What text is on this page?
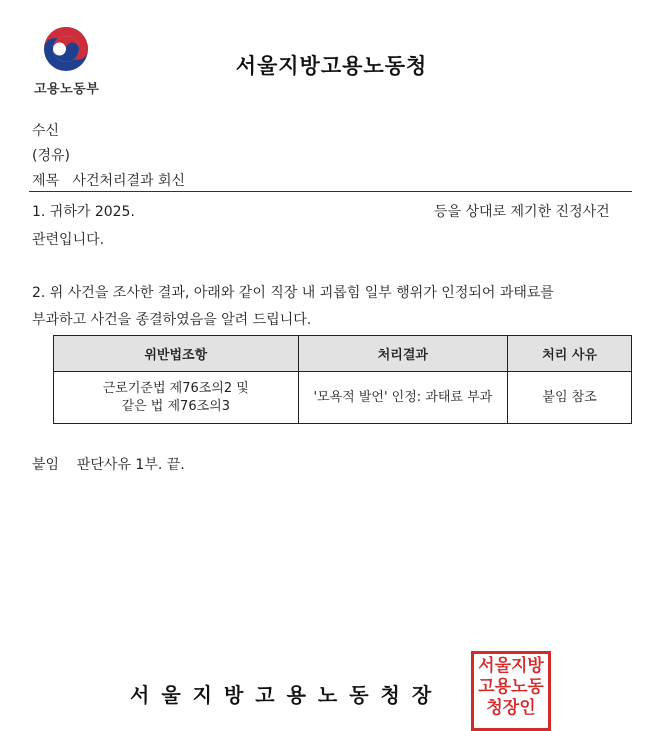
고용노동부
서울지방고용노동청
수신
(경유)
제목 사건처리결과 회신
1. 귀하가 2025.	등을 상대로 제기한 진정사건
관련입니다.
2. 위 사건을 조사한 결과, 아래와 같이 직장 내 괴롭힘 일부 행위가 인정되어 과태료를
부과하고 사건을 종결하였음을 알려 드립니다.
위반법조항	처리결과	처리 사유

근로기준법 제76조의2 및
같은 법 제76조의3	'모욕적 발언' 인정: 과태료 부과	붙임 참조
붙임 판단사유 1부. 끝.
서울지방고용노동청장
서울지방고용노동청장인
